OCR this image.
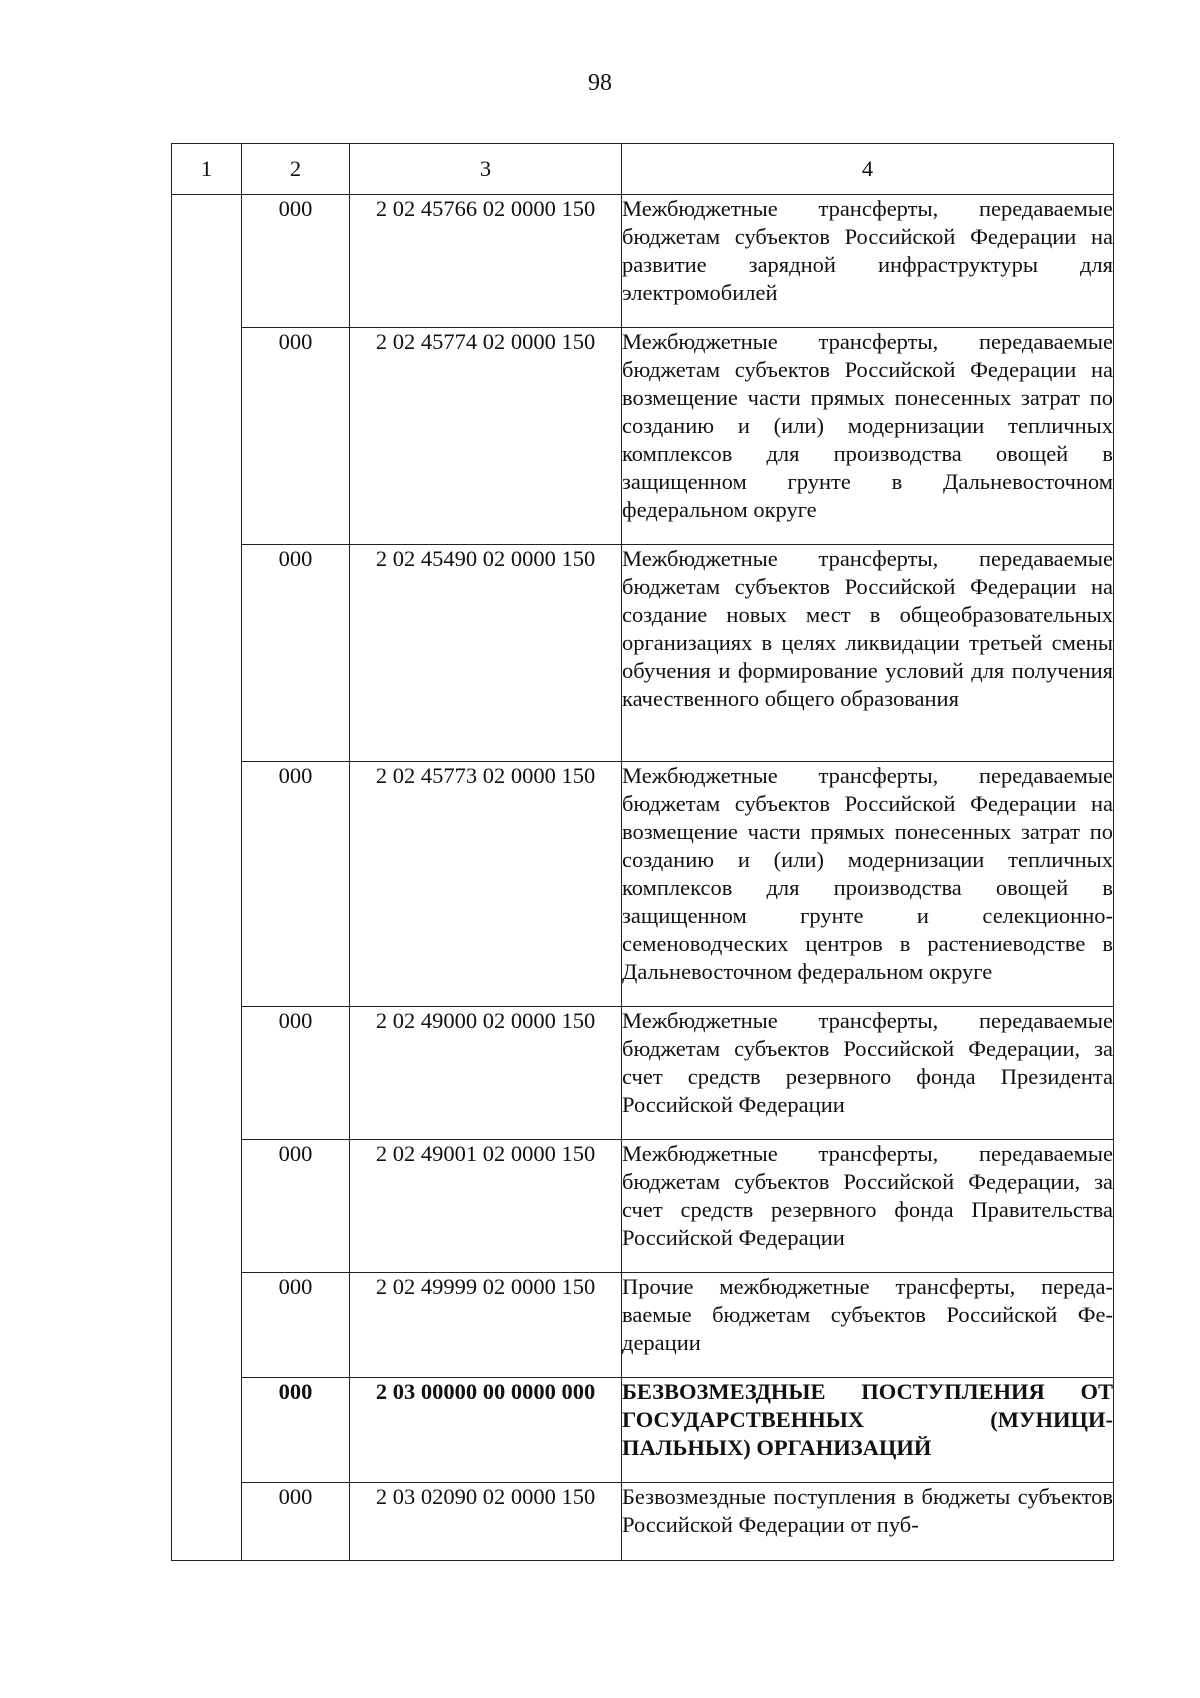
98
1	2	3	4
	000	2 02 45766 02 0000 150	Межбюджетные трансферты, передаваемые бюджетам субъектов Российской Федерации на развитие зарядной инфраструктуры для электромобилей
	000	2 02 45774 02 0000 150	Межбюджетные трансферты, передаваемые бюджетам субъектов Российской Федерации на возмещение части прямых понесенных затрат по созданию и (или) модернизации тепличных комплексов для производства овощей в защищенном грунте в Дальневосточном федеральном округе
	000	2 02 45490 02 0000 150	Межбюджетные трансферты, передаваемые бюджетам субъектов Российской Федерации на создание новых мест в общеобразовательных организациях в целях ликвидации третьей смены обучения и формирование условий для получения качественного общего образования
	000	2 02 45773 02 0000 150	Межбюджетные трансферты, передаваемые бюджетам субъектов Российской Федерации на возмещение части прямых понесенных затрат по созданию и (или) модернизации тепличных комплексов для производства овощей в защищенном грунте и селекционно-семеноводческих центров в растениеводстве в Дальневосточном федеральном округе
	000	2 02 49000 02 0000 150	Межбюджетные трансферты, передаваемые бюджетам субъектов Российской Федерации, за счет средств резервного фонда Президента Российской Федерации
	000	2 02 49001 02 0000 150	Межбюджетные трансферты, передаваемые бюджетам субъектов Российской Федерации, за счет средств резервного фонда Правительства Российской Федерации
	000	2 02 49999 02 0000 150	Прочие межбюджетные трансферты, передаваемые бюджетам субъектов Российской Федерации
	000	2 03 00000 00 0000 000	БЕЗВОЗМЕЗДНЫЕ ПОСТУПЛЕНИЯ ОТ ГОСУДАРСТВЕННЫХ (МУНИЦИПАЛЬНЫХ) ОРГАНИЗАЦИЙ
	000	2 03 02090 02 0000 150	Безвозмездные поступления в бюджеты субъектов Российской Федерации от пуб-
